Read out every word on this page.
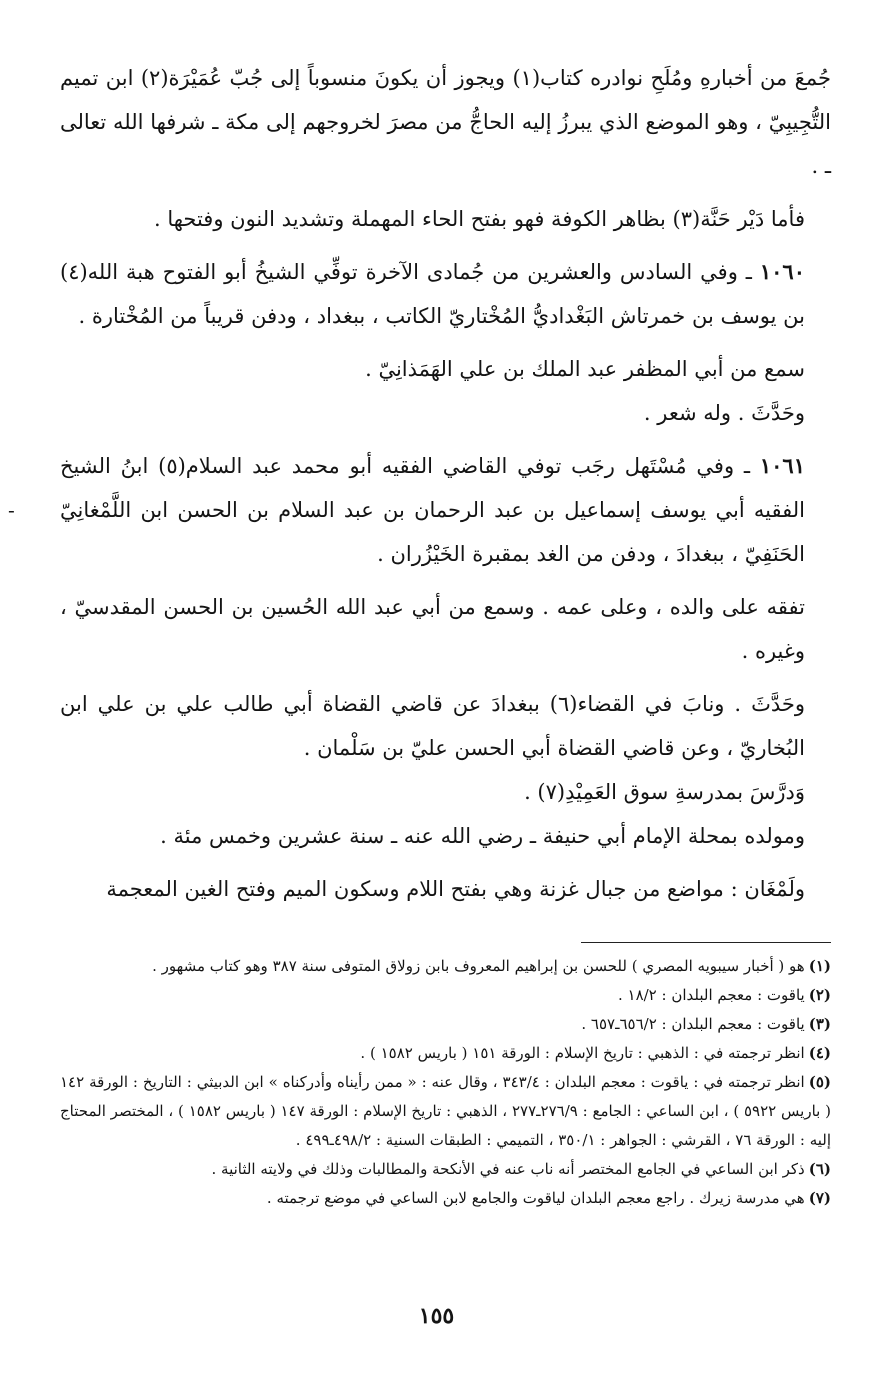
-

جُمعَ من أخبارهِ ومُلَحِ نوادره كتاب(١) ويجوز أن يكونَ منسوباً إلى جُبّ عُمَيْرَة(٢) ابن تميم التُّجِيبِيّ ، وهو الموضع الذي يبرزُ إليه الحاجُّ من مصرَ لخروجهم إلى مكة ـ شرفها الله تعالى ـ .

فأما دَيْر حَنَّة(٣) بظاهر الكوفة فهو بفتح الحاء المهملة وتشديد النون وفتحها .

١٠٦٠ ـ وفي السادس والعشرين من جُمادى الآخرة توفِّي الشيخُ أبو الفتوح هبة الله(٤) بن يوسف بن خمرتاش البَغْداديُّ المُخْتاريّ الكاتب ، ببغداد ، ودفن قريباً من المُخْتارة .

سمع من أبي المظفر عبد الملك بن علي الهَمَذانِيّ .

وحَدَّثَ . وله شعر .

١٠٦١ ـ وفي مُسْتَهل رجَب توفي القاضي الفقيه أبو محمد عبد السلام(٥) ابنُ الشيخ الفقيه أبي يوسف إسماعيل بن عبد الرحمان بن عبد السلام بن الحسن ابن اللَّمْغانِيّ الحَنَفِيّ ، ببغدادَ ، ودفن من الغد بمقبرة الخَيْزُران .

تفقه على والده ، وعلى عمه . وسمع من أبي عبد الله الحُسين بن الحسن المقدسيّ ، وغيره .

وحَدَّثَ . ونابَ في القضاء(٦) ببغدادَ عن قاضي القضاة أبي طالب علي بن علي ابن البُخاريّ ، وعن قاضي القضاة أبي الحسن عليّ بن سَلْمان .

وَدرَّسَ بمدرسةِ سوق العَمِيْدِ(٧) .

ومولده بمحلة الإمام أبي حنيفة ـ رضي الله عنه ـ سنة عشرين وخمس مئة .

ولَمْغَان : مواضع من جبال غزنة وهي بفتح اللام وسكون الميم وفتح الغين المعجمة

(١)هو ( أخبار سيبويه المصري ) للحسن بن إبراهيم المعروف بابن زولاق المتوفى سنة ٣٨٧ وهو كتاب مشهور .

(٢)ياقوت : معجم البلدان : ١٨/٢ .

(٣)ياقوت : معجم البلدان : ٦٥٦/٢ـ٦٥٧ .

(٤)انظر ترجمته في : الذهبي : تاريخ الإسلام : الورقة ١٥١ ( باريس ١٥٨٢ ) .

(٥)انظر ترجمته في : ياقوت : معجم البلدان : ٣٤٣/٤ ، وقال عنه : « ممن رأيناه وأدركناه » ابن الدبيثي : التاريخ : الورقة ١٤٢ ( باريس ٥٩٢٢ ) ، ابن الساعي : الجامع : ٢٧٦/٩ـ٢٧٧ ، الذهبي : تاريخ الإسلام : الورقة ١٤٧ ( باريس ١٥٨٢ ) ، المختصر المحتاج إليه : الورقة ٧٦ ، القرشي : الجواهر : ٣٥٠/١ ، التميمي : الطبقات السنية : ٤٩٨/٢ـ٤٩٩ .

(٦)ذكر ابن الساعي في الجامع المختصر أنه ناب عنه في الأنكحة والمطالبات وذلك في ولايته الثانية .

(٧)هي مدرسة زيرك . راجع معجم البلدان لياقوت والجامع لابن الساعي في موضع ترجمته .

١٥٥
